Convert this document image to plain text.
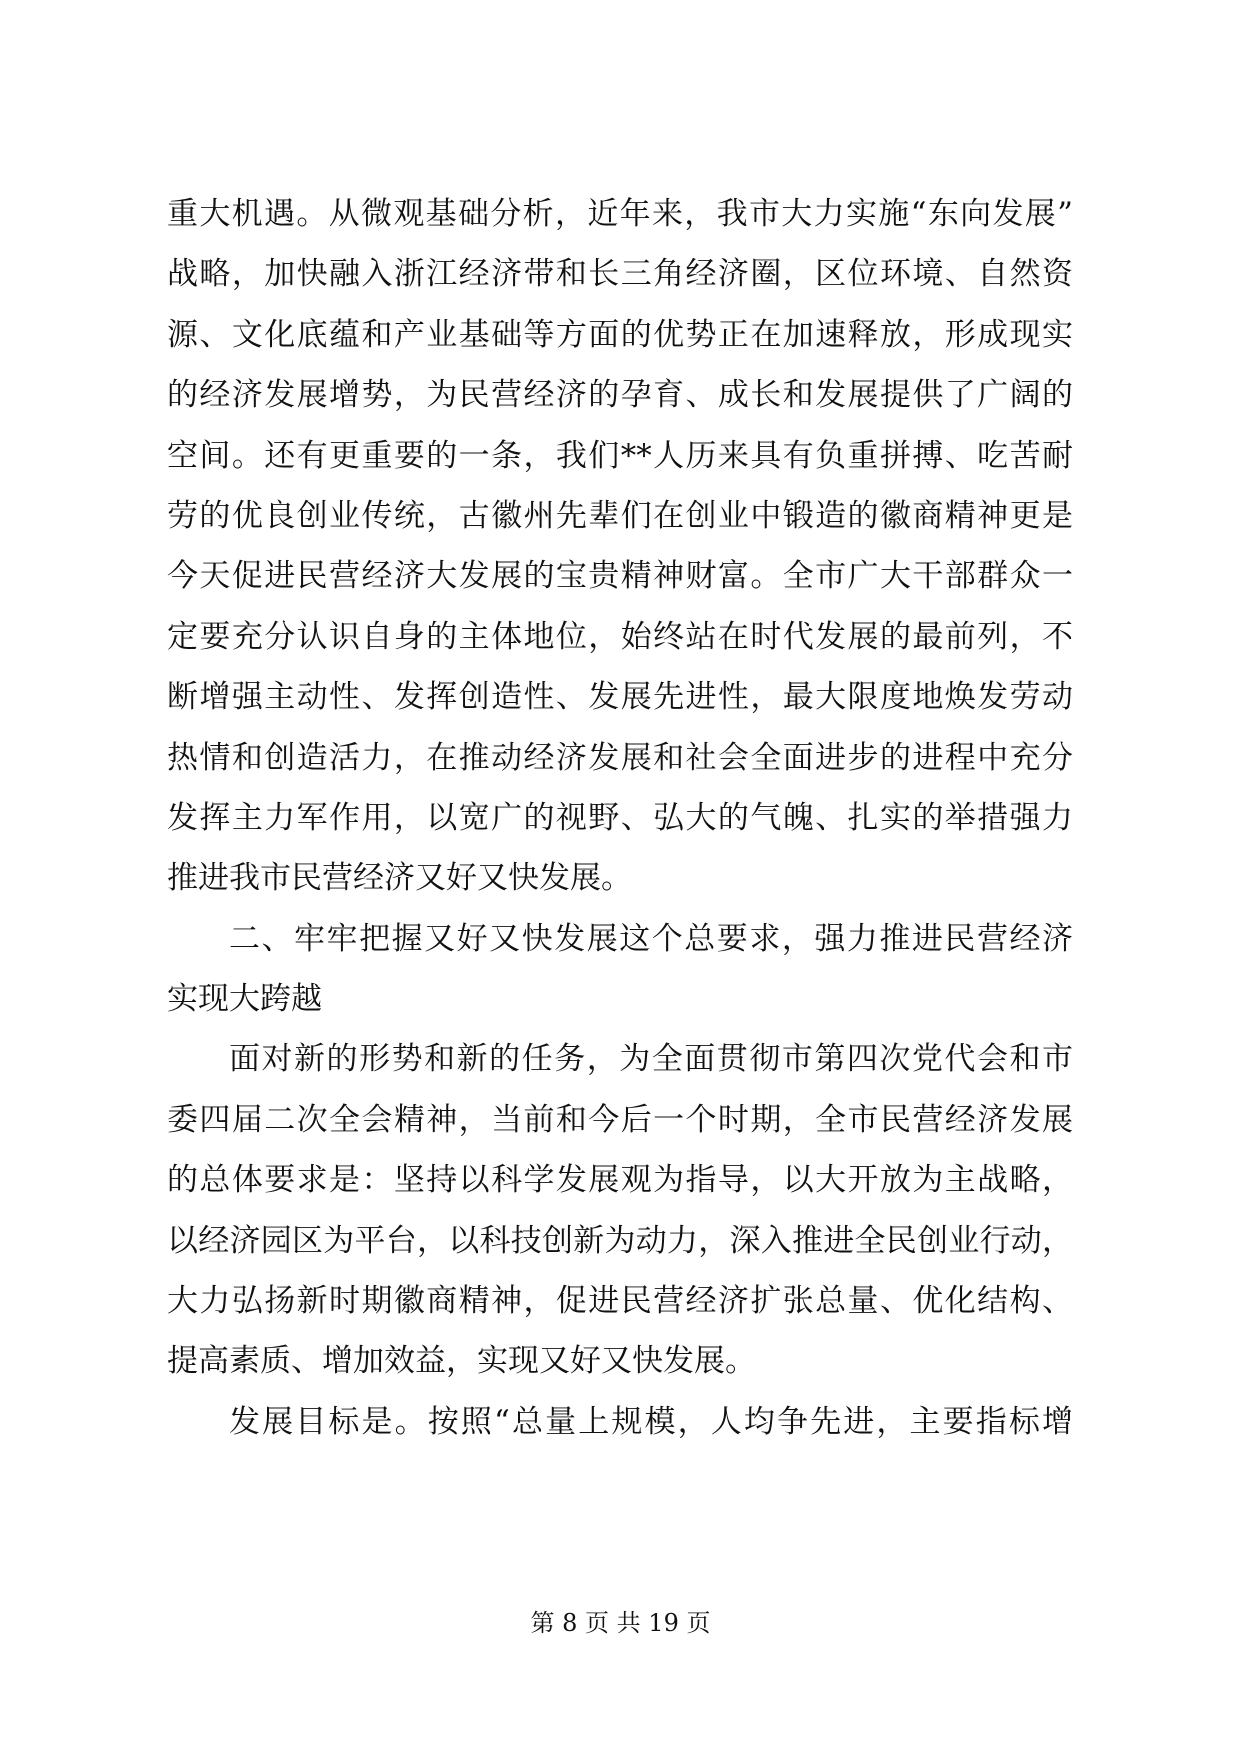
重大机遇。从微观基础分析，近年来，我市大力实施“东向发展”
战略，加快融入浙江经济带和长三角经济圈，区位环境、自然资
源、文化底蕴和产业基础等方面的优势正在加速释放，形成现实
的经济发展增势，为民营经济的孕育、成长和发展提供了广阔的
空间。还有更重要的一条，我们**人历来具有负重拼搏、吃苦耐
劳的优良创业传统，古徽州先辈们在创业中锻造的徽商精神更是
今天促进民营经济大发展的宝贵精神财富。全市广大干部群众一
定要充分认识自身的主体地位，始终站在时代发展的最前列，不
断增强主动性、发挥创造性、发展先进性，最大限度地焕发劳动
热情和创造活力，在推动经济发展和社会全面进步的进程中充分
发挥主力军作用，以宽广的视野、弘大的气魄、扎实的举措强力
推进我市民营经济又好又快发展。
二、牢牢把握又好又快发展这个总要求，强力推进民营经济
实现大跨越
面对新的形势和新的任务，为全面贯彻市第四次党代会和市
委四届二次全会精神，当前和今后一个时期，全市民营经济发展
的总体要求是：坚持以科学发展观为指导，以大开放为主战略，
以经济园区为平台，以科技创新为动力，深入推进全民创业行动，
大力弘扬新时期徽商精神，促进民营经济扩张总量、优化结构、
提高素质、增加效益，实现又好又快发展。
发展目标是。按照“总量上规模，人均争先进，主要指标增
第 8 页 共 19 页
